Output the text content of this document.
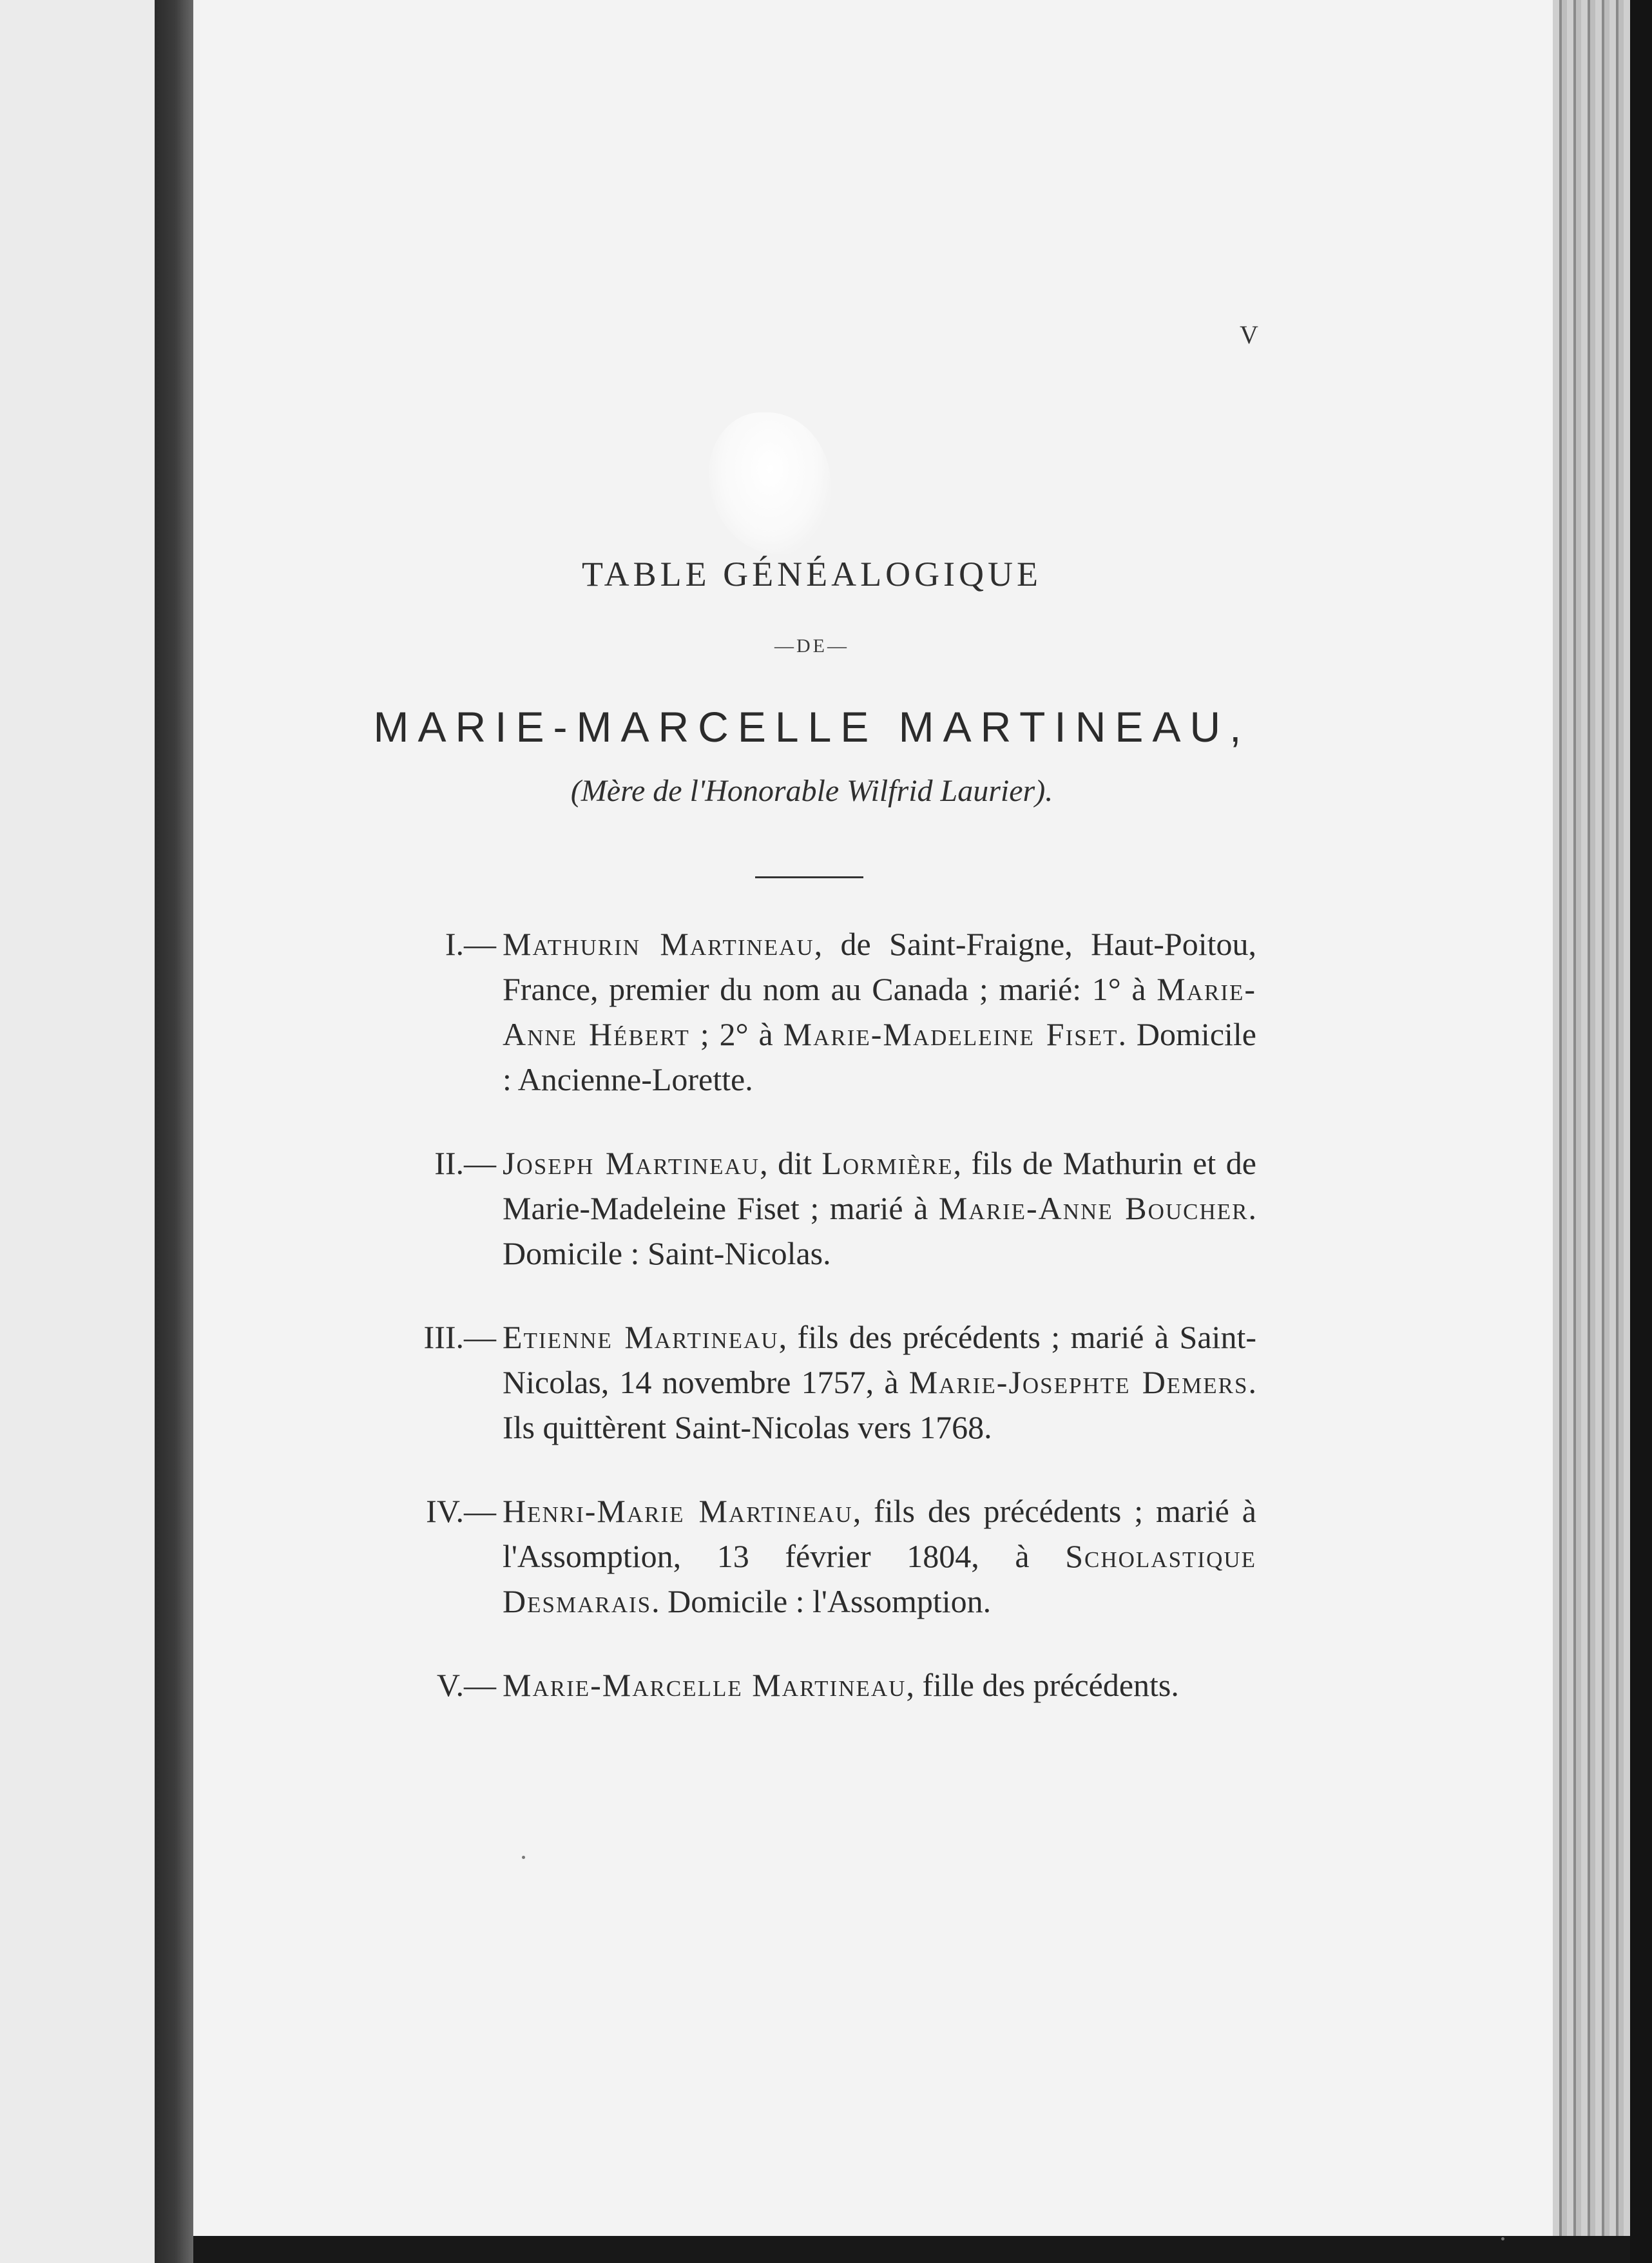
V
TABLE GÉNÉALOGIQUE
—DE—
MARIE-MARCELLE MARTINEAU,
(Mère de l'Honorable Wilfrid Laurier).
I.— Mathurin Martineau, de Saint-Fraigne, Haut-Poitou, France, premier du nom au Canada ; marié: 1° à Marie-Anne Hébert ; 2° à Marie-Madeleine Fiset. Domicile : Ancienne-Lorette.
II.— Joseph Martineau, dit Lormière, fils de Mathurin et de Marie-Madeleine Fiset ; marié à Marie-Anne Boucher. Domicile : Saint-Nicolas.
III.— Etienne Martineau, fils des précédents ; marié à Saint-Nicolas, 14 novembre 1757, à Marie-Josephte Demers. Ils quittèrent Saint-Nicolas vers 1768.
IV.— Henri-Marie Martineau, fils des précédents ; marié à l'Assomption, 13 février 1804, à Scholastique Desmarais. Domicile : l'Assomption.
V.— Marie-Marcelle Martineau, fille des précédents.
